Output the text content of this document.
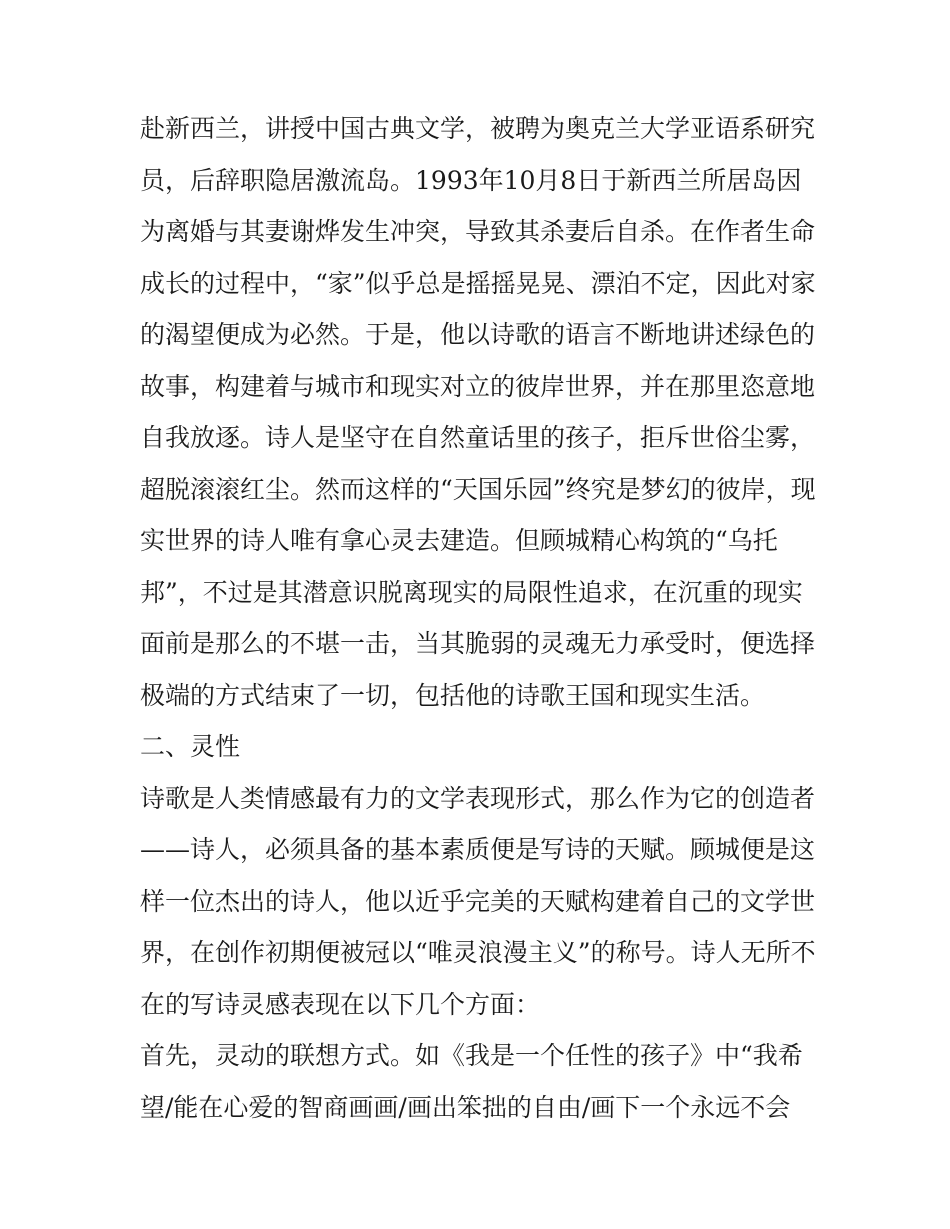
赴新西兰，讲授中国古典文学，被聘为奥克兰大学亚语系研究
员，后辞职隐居激流岛。1993年10月8日于新西兰所居岛因
为离婚与其妻谢烨发生冲突，导致其杀妻后自杀。在作者生命
成长的过程中，“家”似乎总是摇摇晃晃、漂泊不定，因此对家
的渴望便成为必然。于是，他以诗歌的语言不断地讲述绿色的
故事，构建着与城市和现实对立的彼岸世界，并在那里恣意地
自我放逐。诗人是坚守在自然童话里的孩子，拒斥世俗尘雾，
超脱滚滚红尘。然而这样的“天国乐园”终究是梦幻的彼岸，现
实世界的诗人唯有拿心灵去建造。但顾城精心构筑的“乌托
邦”，不过是其潜意识脱离现实的局限性追求，在沉重的现实
面前是那么的不堪一击，当其脆弱的灵魂无力承受时，便选择
极端的方式结束了一切，包括他的诗歌王国和现实生活。
二、灵性
诗歌是人类情感最有力的文学表现形式，那么作为它的创造者
——诗人，必须具备的基本素质便是写诗的天赋。顾城便是这
样一位杰出的诗人，他以近乎完美的天赋构建着自己的文学世
界，在创作初期便被冠以“唯灵浪漫主义”的称号。诗人无所不
在的写诗灵感表现在以下几个方面：
首先，灵动的联想方式。如《我是一个任性的孩子》中“我希
望/能在心爱的智商画画/画出笨拙的自由/画下一个永远不会
